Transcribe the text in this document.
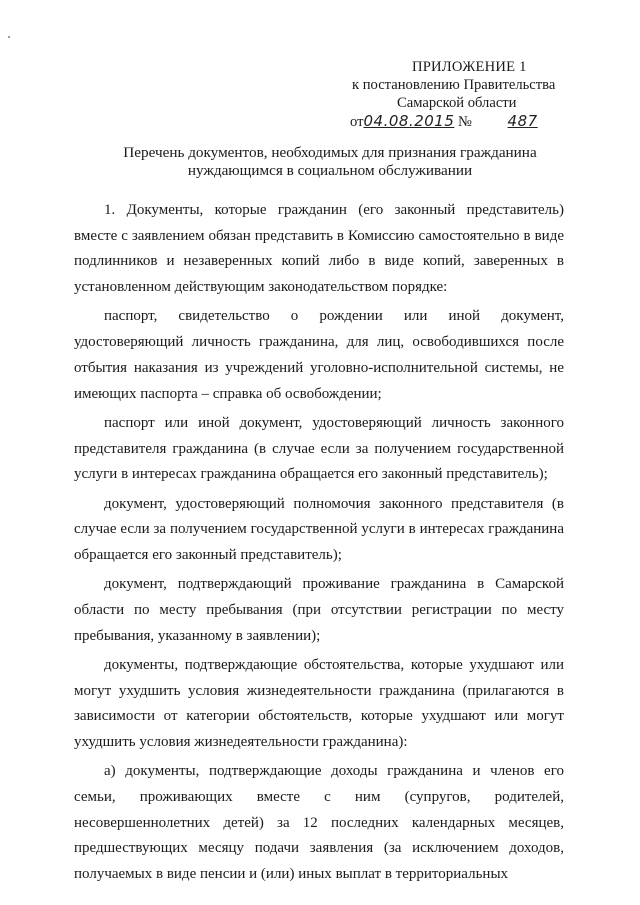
ПРИЛОЖЕНИЕ 1
к постановлению Правительства
Самарской области
от04.08.2015 № 487
Перечень документов, необходимых для признания гражданина
нуждающимся в социальном обслуживании

1. Документы, которые гражданин (его законный представитель) вместе с заявлением обязан представить в Комиссию самостоятельно в виде подлинников и незаверенных копий либо в виде копий, заверенных в установленном действующим законодательством порядке:

паспорт, свидетельство о рождении или иной документ, удостоверяющий личность гражданина, для лиц, освободившихся после отбытия наказания из учреждений уголовно-исполнительной системы, не имеющих паспорта – справка об освобождении;

паспорт или иной документ, удостоверяющий личность законного представителя гражданина (в случае если за получением государственной услуги в интересах гражданина обращается его законный представитель);

документ, удостоверяющий полномочия законного представителя (в случае если за получением государственной услуги в интересах гражданина обращается его законный представитель);

документ, подтверждающий проживание гражданина в Самарской области по месту пребывания (при отсутствии регистрации по месту пребывания, указанному в заявлении);

документы, подтверждающие обстоятельства, которые ухудшают или могут ухудшить условия жизнедеятельности гражданина (прилагаются в зависимости от категории обстоятельств, которые ухудшают или могут ухудшить условия жизнедеятельности гражданина):

а) документы, подтверждающие доходы гражданина и членов его семьи, проживающих вместе с ним (супругов, родителей, несовершеннолетних детей) за 12 последних календарных месяцев, предшествующих месяцу подачи заявления (за исключением доходов, получаемых в виде пенсии и (или) иных выплат в территориальных
